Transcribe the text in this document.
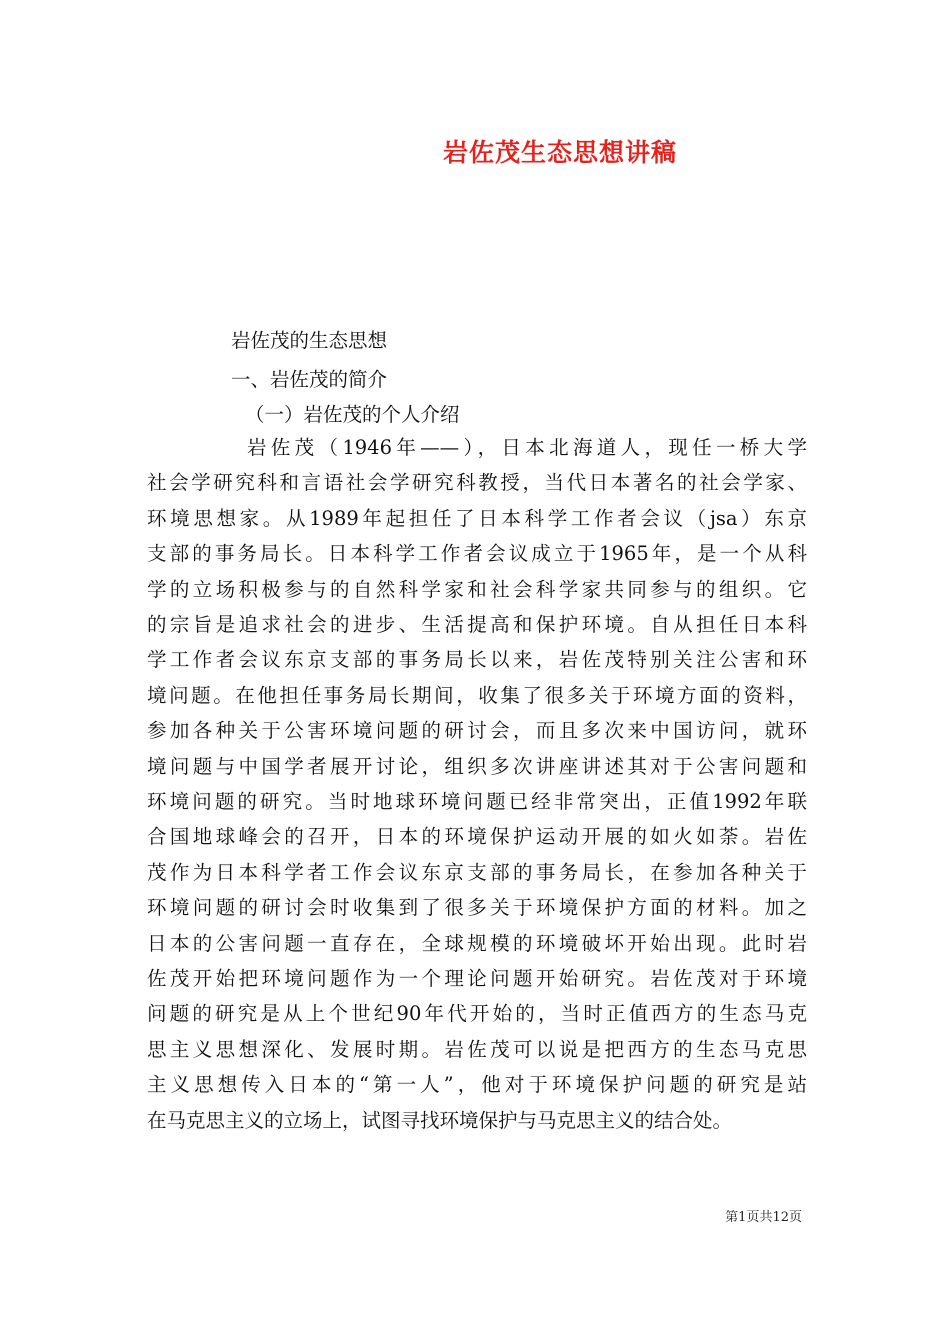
岩佐茂生态思想讲稿
岩佐茂的生态思想
一、岩佐茂的简介
（一）岩佐茂的个人介绍
岩佐茂（1946年——），日本北海道人，现任一桥大学
社会学研究科和言语社会学研究科教授，当代日本著名的社会学家、
环境思想家。从1989年起担任了日本科学工作者会议（jsa）东京
支部的事务局长。日本科学工作者会议成立于1965年，是一个从科
学的立场积极参与的自然科学家和社会科学家共同参与的组织。它
的宗旨是追求社会的进步、生活提高和保护环境。自从担任日本科
学工作者会议东京支部的事务局长以来，岩佐茂特别关注公害和环
境问题。在他担任事务局长期间，收集了很多关于环境方面的资料，
参加各种关于公害环境问题的研讨会，而且多次来中国访问，就环
境问题与中国学者展开讨论，组织多次讲座讲述其对于公害问题和
环境问题的研究。当时地球环境问题已经非常突出，正值1992年联
合国地球峰会的召开，日本的环境保护运动开展的如火如荼。岩佐
茂作为日本科学者工作会议东京支部的事务局长，在参加各种关于
环境问题的研讨会时收集到了很多关于环境保护方面的材料。加之
日本的公害问题一直存在，全球规模的环境破坏开始出现。此时岩
佐茂开始把环境问题作为一个理论问题开始研究。岩佐茂对于环境
问题的研究是从上个世纪90年代开始的，当时正值西方的生态马克
思主义思想深化、发展时期。岩佐茂可以说是把西方的生态马克思
主义思想传入日本的“第一人”，他对于环境保护问题的研究是站
在马克思主义的立场上，试图寻找环境保护与马克思主义的结合处。
第1页共12页
